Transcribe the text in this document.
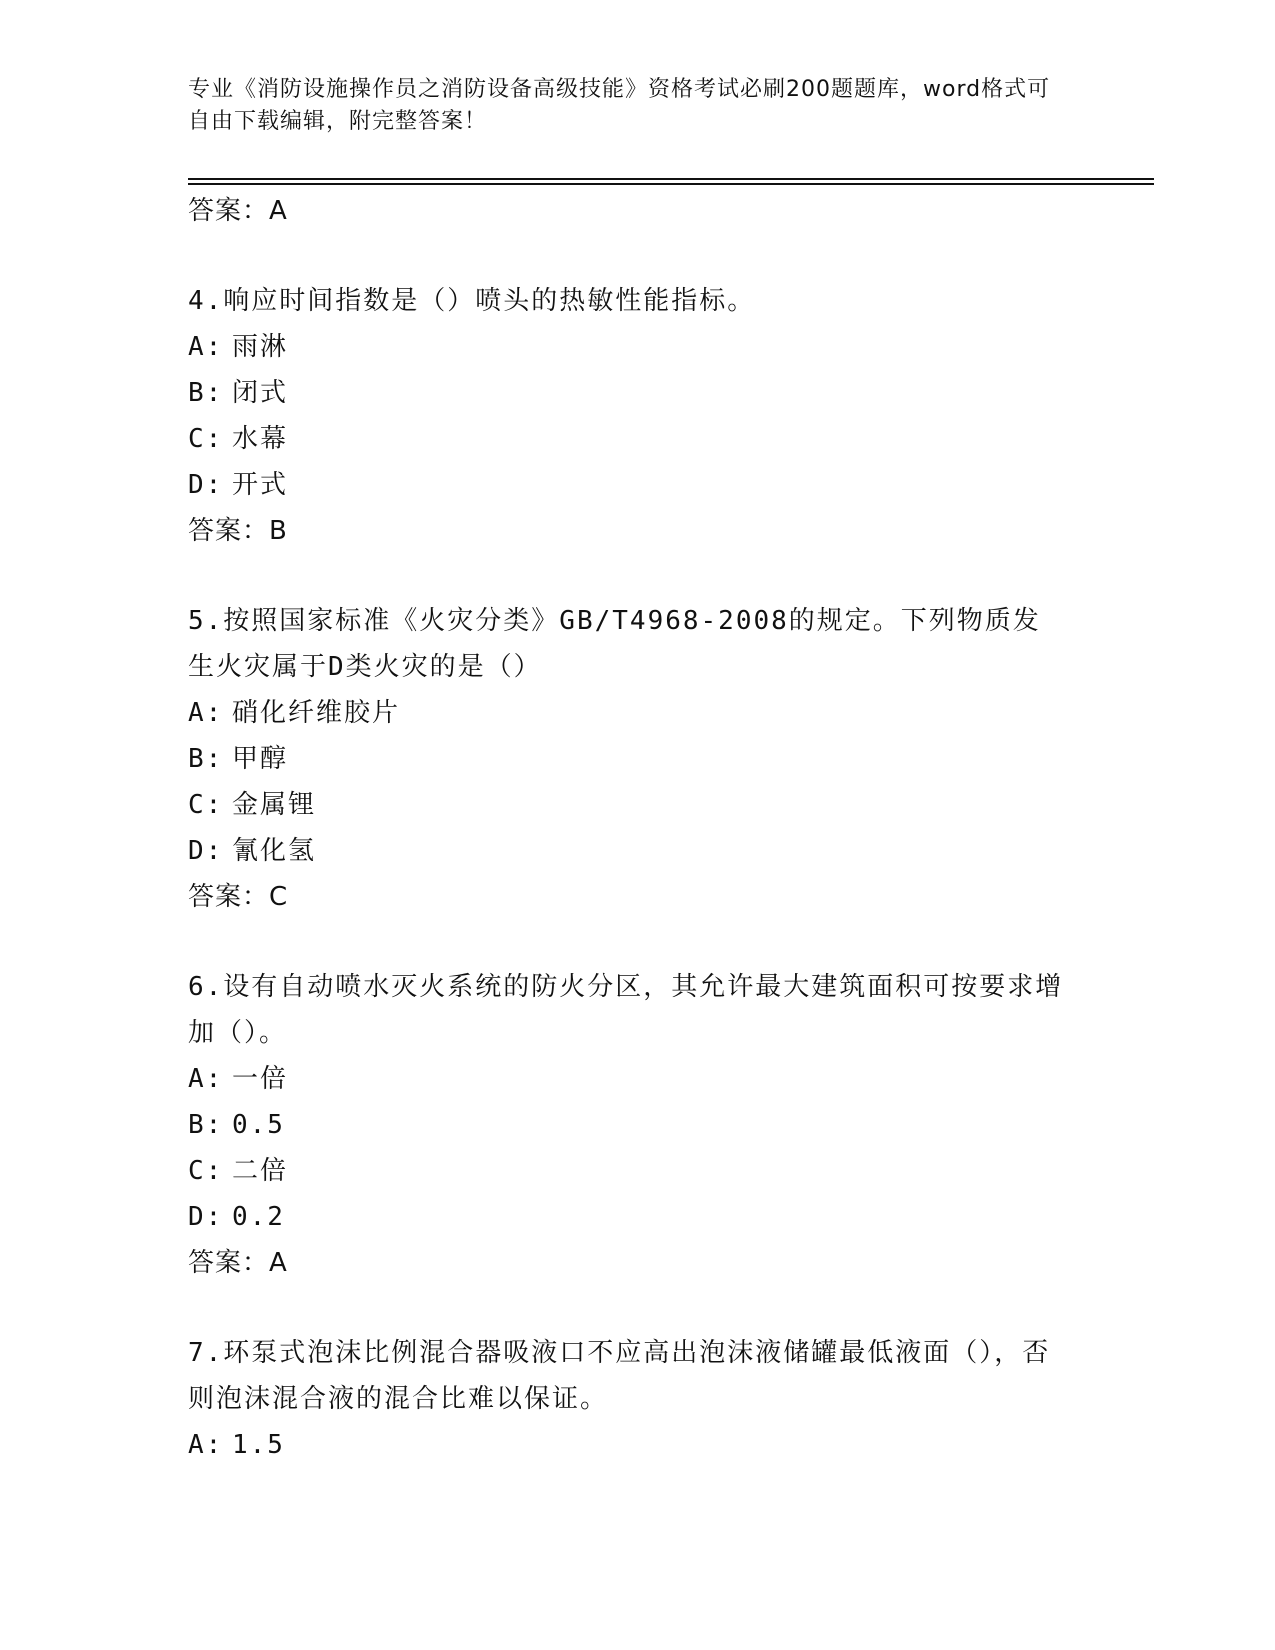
专业《消防设施操作员之消防设备高级技能》资格考试必刷200题题库，word格式可自由下载编辑，附完整答案！
答案：A
4.响应时间指数是（）喷头的热敏性能指标。
A: 雨淋
B: 闭式
C: 水幕
D: 开式
答案：B
5.按照国家标准《火灾分类》GB/T4968-2008的规定。下列物质发生火灾属于D类火灾的是（）
A: 硝化纤维胶片
B: 甲醇
C: 金属锂
D: 氰化氢
答案：C
6.设有自动喷水灭火系统的防火分区，其允许最大建筑面积可按要求增加（）。
A: 一倍
B: 0.5
C: 二倍
D: 0.2
答案：A
7.环泵式泡沫比例混合器吸液口不应高出泡沫液储罐最低液面（），否则泡沫混合液的混合比难以保证。
A: 1.5
